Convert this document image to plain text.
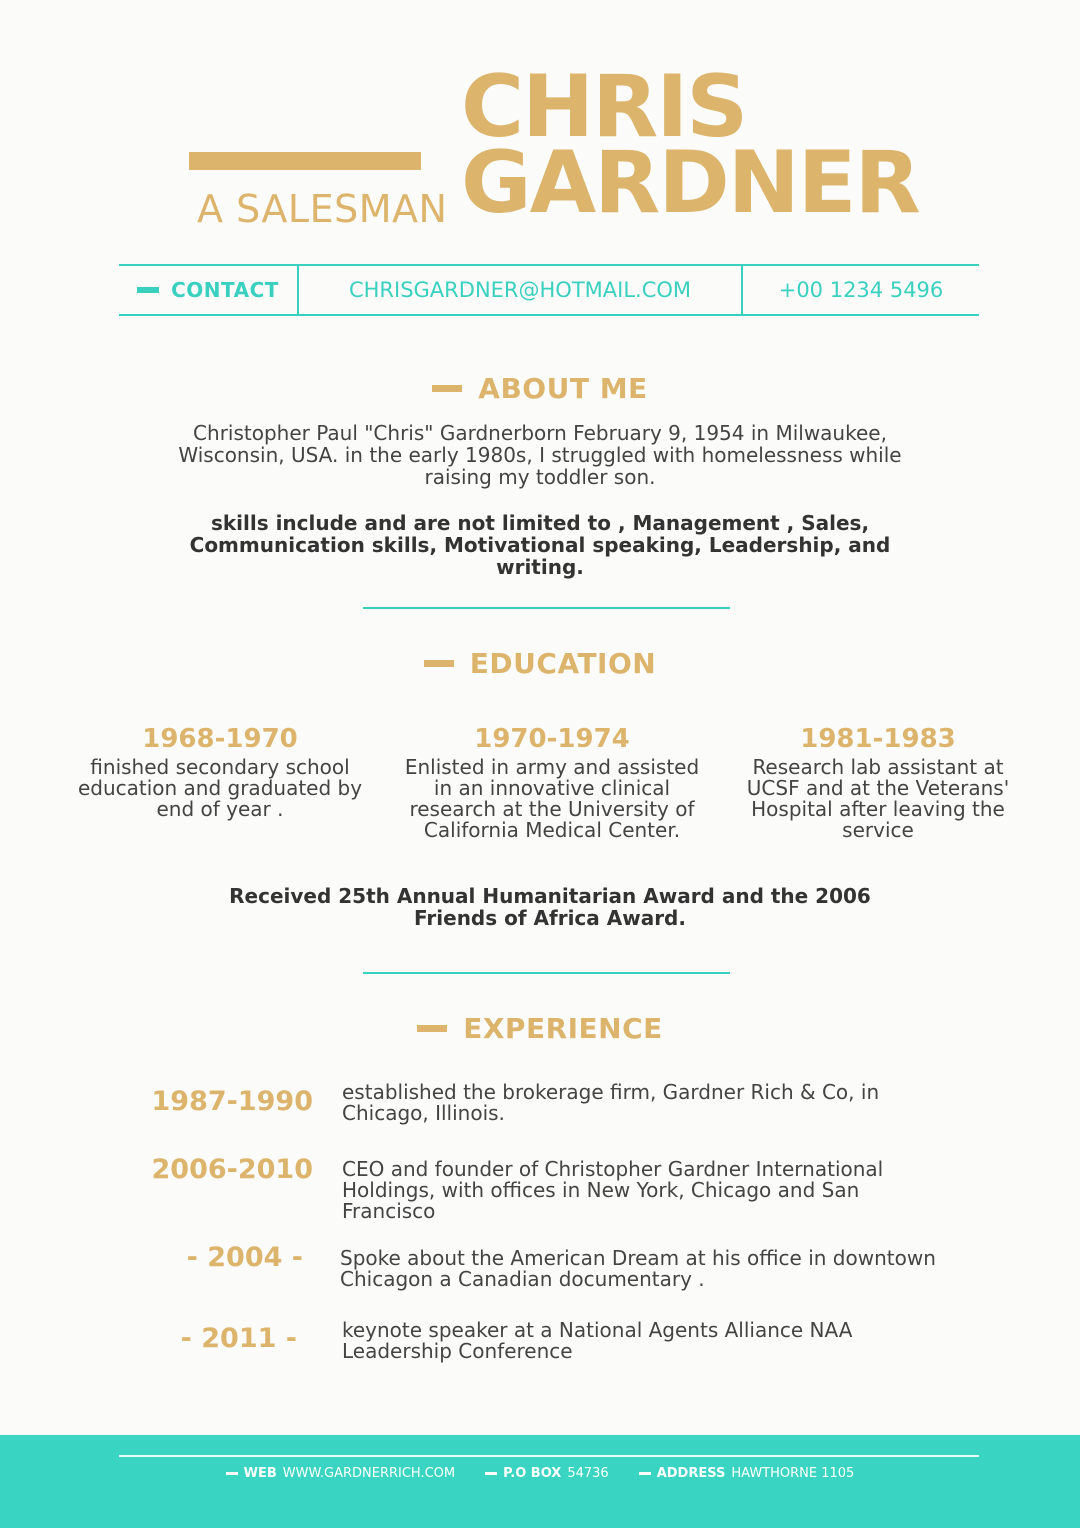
A SALESMAN
CHRIS
GARDNER
CONTACT	CHRISGARDNER@HOTMAIL.COM	+00 1234 5496
ABOUT ME
Christopher Paul "Chris" Gardnerborn February 9, 1954 in Milwaukee, Wisconsin, USA. in the early 1980s, I struggled with homelessness while raising my toddler son.
skills include and are not limited to , Management , Sales, Communication skills, Motivational speaking, Leadership, and writing.
EDUCATION
1968-1970
finished secondary school education and graduated by end of year .
1970-1974
Enlisted in army and assisted in an innovative clinical research at the University of California Medical Center.
1981-1983
Research lab assistant at UCSF and at the Veterans' Hospital after leaving the service
Received 25th Annual Humanitarian Award and the 2006 Friends of Africa Award.
EXPERIENCE
1987-1990 established the brokerage firm, Gardner Rich & Co, in Chicago, Illinois.
2006-2010 CEO and founder of Christopher Gardner International Holdings, with offices in New York, Chicago and San Francisco
- 2004 - Spoke about the American Dream at his office in downtown Chicagon a Canadian documentary .
- 2011 - keynote speaker at a National Agents Alliance NAA Leadership Conference
WEB WWW.GARDNERRICH.COM	P.O BOX 54736	ADDRESS HAWTHORNE 1105
